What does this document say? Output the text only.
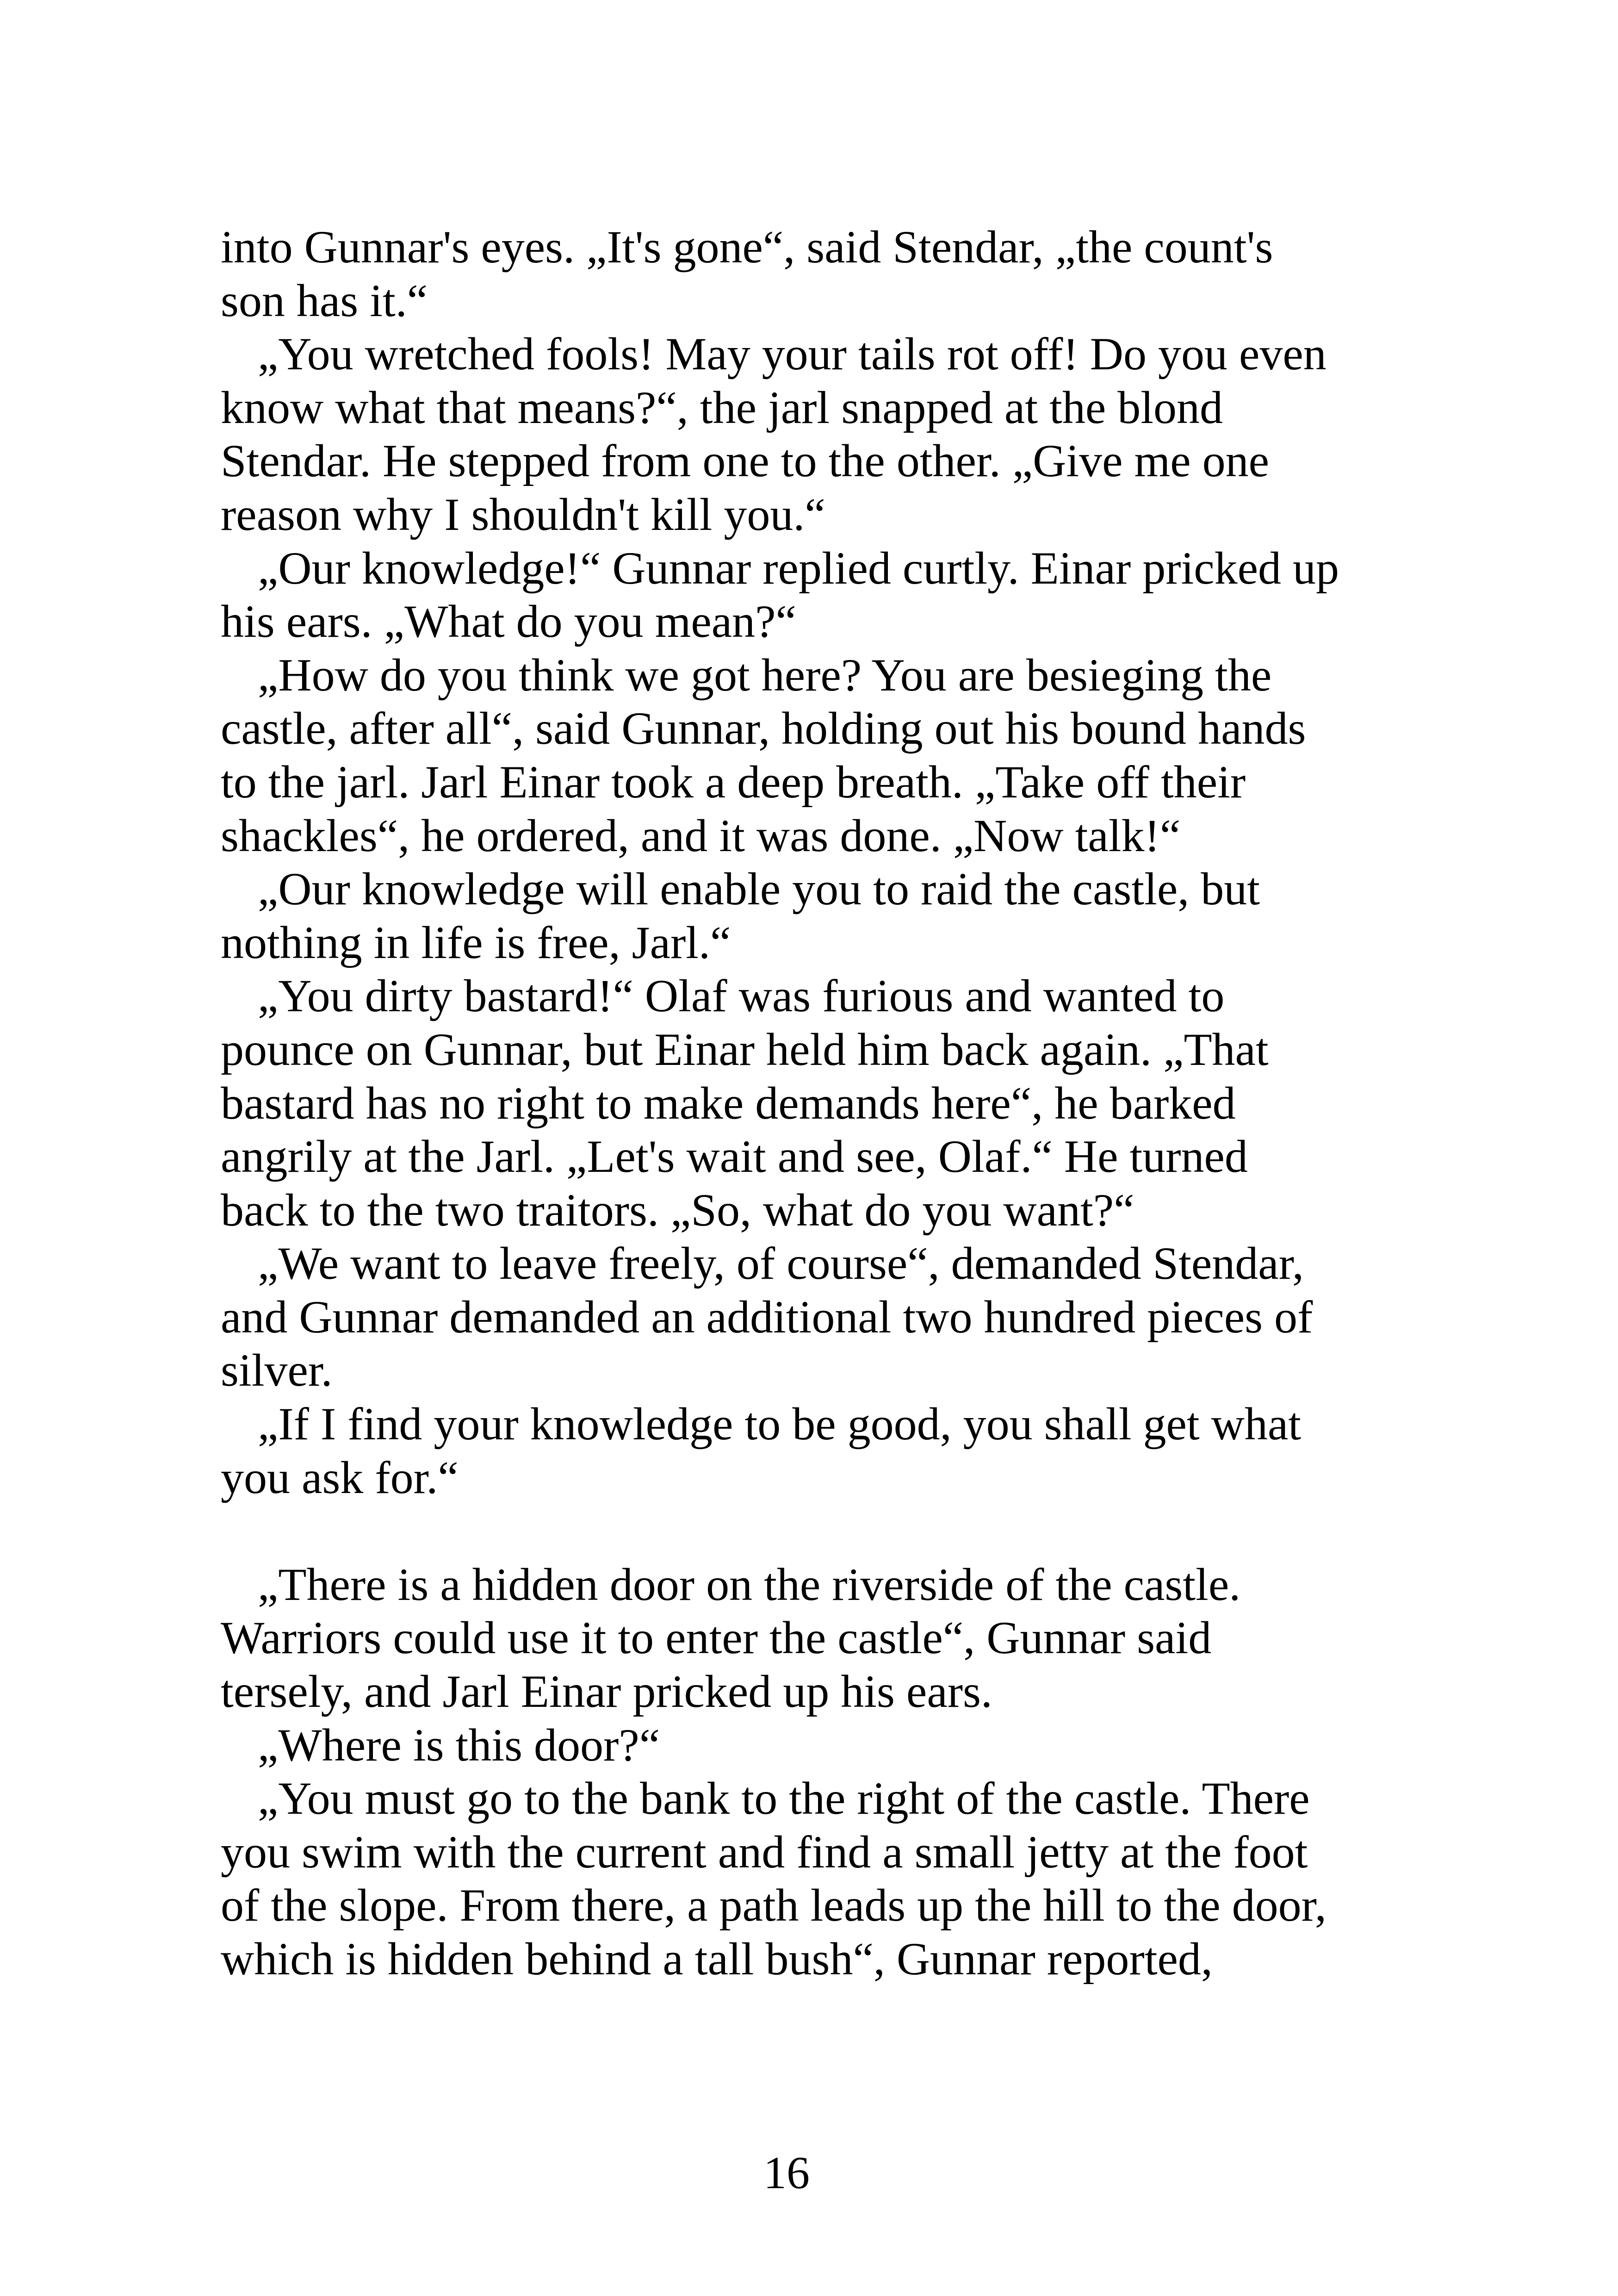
into Gunnar's eyes. „It's gone“, said Stendar, „the count's
son has it.“
„You wretched fools! May your tails rot off! Do you even
know what that means?“, the jarl snapped at the blond
Stendar. He stepped from one to the other. „Give me one
reason why I shouldn't kill you.“
„Our knowledge!“ Gunnar replied curtly. Einar pricked up
his ears. „What do you mean?“
„How do you think we got here? You are besieging the
castle, after all“, said Gunnar, holding out his bound hands
to the jarl. Jarl Einar took a deep breath. „Take off their
shackles“, he ordered, and it was done. „Now talk!“
„Our knowledge will enable you to raid the castle, but
nothing in life is free, Jarl.“
„You dirty bastard!“ Olaf was furious and wanted to
pounce on Gunnar, but Einar held him back again. „That
bastard has no right to make demands here“, he barked
angrily at the Jarl. „Let's wait and see, Olaf.“ He turned
back to the two traitors. „So, what do you want?“
„We want to leave freely, of course“, demanded Stendar,
and Gunnar demanded an additional two hundred pieces of
silver.
„If I find your knowledge to be good, you shall get what
you ask for.“
„There is a hidden door on the riverside of the castle.
Warriors could use it to enter the castle“, Gunnar said
tersely, and Jarl Einar pricked up his ears.
„Where is this door?“
„You must go to the bank to the right of the castle. There
you swim with the current and find a small jetty at the foot
of the slope. From there, a path leads up the hill to the door,
which is hidden behind a tall bush“, Gunnar reported,
16
